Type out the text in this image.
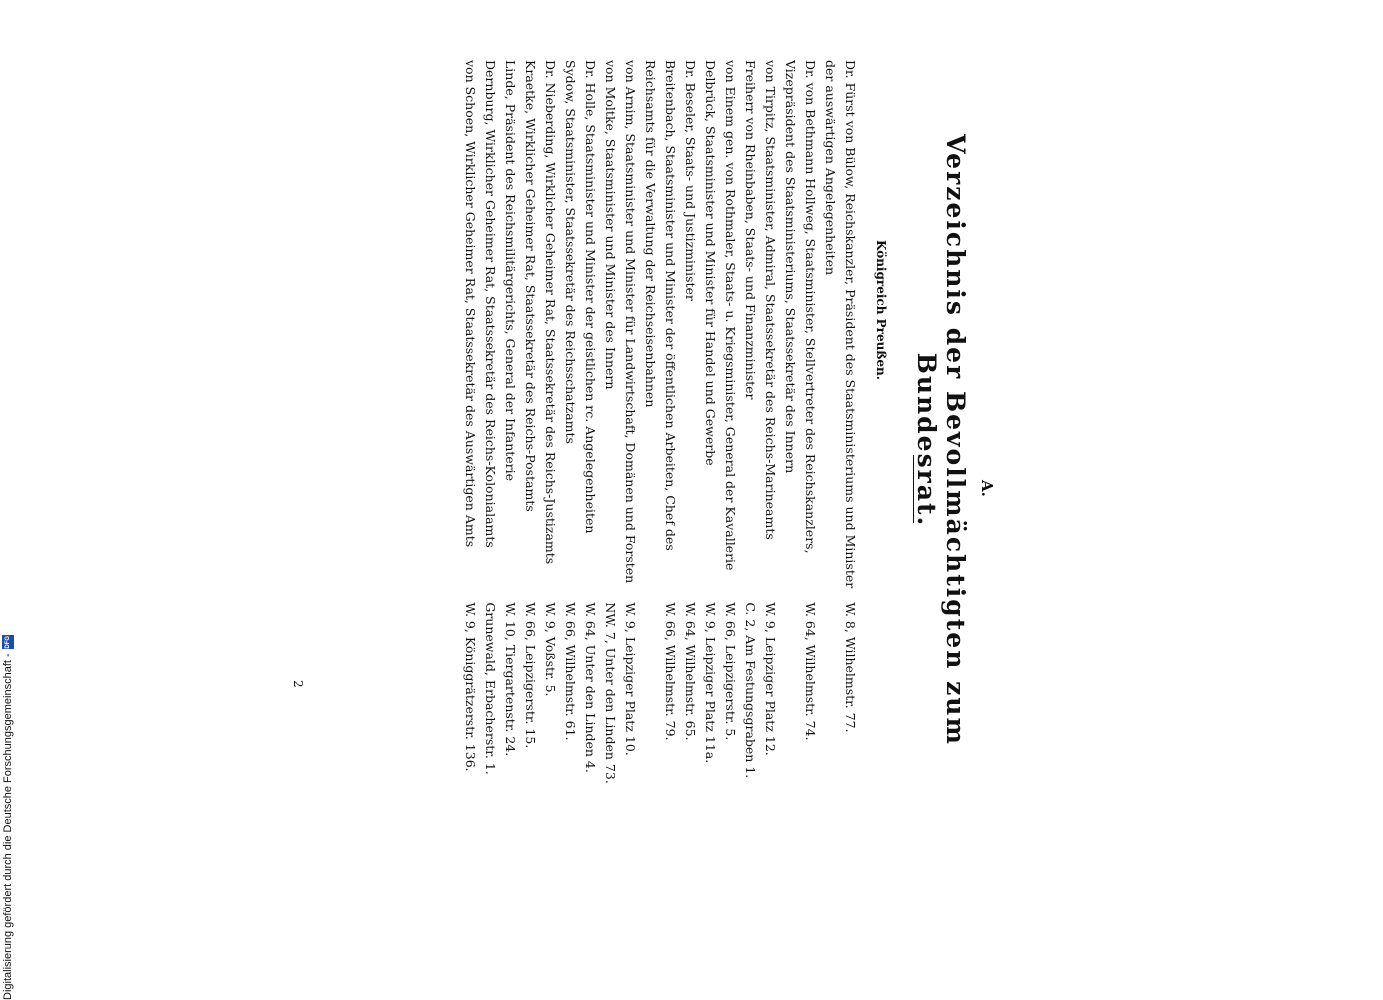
A.
Verzeichnis der Bevollmächtigten zum Bundesrat.
Königreich Preußen.
Dr. Fürst von Bülow, Reichskanzler, Präsident des Staatsministeriums und Minister der auswärtigen Angelegenheiten
W. 8, Wilhelmstr. 77.
Dr. von Bethmann Hollweg, Staatsminister, Stellvertreter des Reichskanzlers, Vizepräsident des Staatsministeriums, Staatssekretär des Innern
W. 64, Wilhelmstr. 74.
von Tirpitz, Staatsminister, Admiral, Staatssekretär des Reichs-Marineamts
W. 9, Leipziger Platz 12.
Freiherr von Rheinbaben, Staats- und Finanzminister
C. 2, Am Festungsgraben 1.
von Einem gen. von Rothmaler, Staats- u. Kriegsminister, General der Kavallerie
W. 66, Leipzigerstr. 5.
Delbrück, Staatsminister und Minister für Handel und Gewerbe
W. 9, Leipziger Platz 11a.
Dr. Beseler, Staats- und Justizminister
W. 64, Wilhelmstr. 65.
Breitenbach, Staatsminister und Minister der öffentlichen Arbeiten, Chef des Reichsamts für die Verwaltung der Reichseisenbahnen
W. 66, Wilhelmstr. 79.
von Arnim, Staatsminister und Minister für Landwirtschaft, Domänen und Forsten
W. 9, Leipziger Platz 10.
von Moltke, Staatsminister und Minister des Innern
NW. 7, Unter den Linden 73.
Dr. Holle, Staatsminister und Minister der geistlichen rc. Angelegenheiten
W. 64, Unter den Linden 4.
Sydow, Staatsminister, Staatssekretär des Reichsschatzamts
W. 66, Wilhelmstr. 61.
Dr. Nieberding, Wirklicher Geheimer Rat, Staatssekretär des Reichs-Justizamts
W. 9, Voßstr. 5.
Kraetke, Wirklicher Geheimer Rat, Staatssekretär des Reichs-Postamts
W. 66, Leipzigerstr. 15.
Linde, Präsident des Reichsmilitärgerichts, General der Infanterie
W. 10, Tiergartenstr. 24.
Dernburg, Wirklicher Geheimer Rat, Staatssekretär des Reichs-Kolonialamts
Grunewald, Erbacherstr. 1.
von Schoen, Wirklicher Geheimer Rat, Staatssekretär des Auswärtigen Amts
W. 9, Königgrätzerstr. 136.
2
Digitalisierung gefördert durch die Deutsche Forschungsgemeinschaft -
DFG
